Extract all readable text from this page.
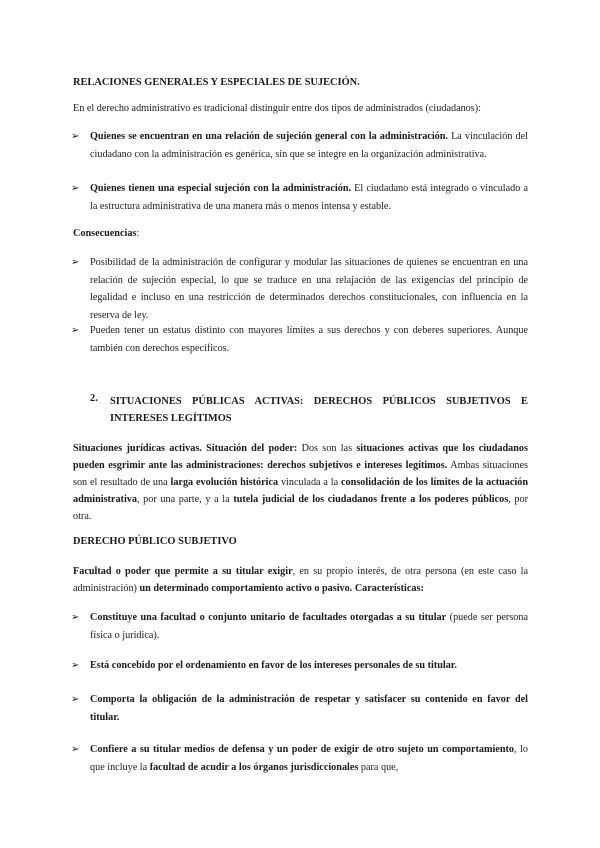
RELACIONES GENERALES Y ESPECIALES DE SUJECIÓN.
En el derecho administrativo es tradicional distinguir entre dos tipos de administrados (ciudadanos):
➢ Quienes se encuentran en una relación de sujeción general con la administración. La vinculación del ciudadano con la administración es genérica, sin que se integre en la organización administrativa.
➢ Quienes tienen una especial sujeción con la administración. El ciudadano está integrado o vinculado a la estructura administrativa de una manera más o menos intensa y estable.
Consecuencias:
➢ Posibilidad de la administración de configurar y modular las situaciones de quienes se encuentran en una relación de sujeción especial, lo que se traduce en una relajación de las exigencias del principio de legalidad e incluso en una restricción de determinados derechos constitucionales, con influencia en la reserva de ley.
➢ Pueden tener un estatus distinto con mayores límites a sus derechos y con deberes superiores. Aunque también con derechos específicos.
2. SITUACIONES PÚBLICAS ACTIVAS: DERECHOS PÚBLICOS SUBJETIVOS E INTERESES LEGÍTIMOS
Situaciones jurídicas activas. Situación del poder: Dos son las situaciones activas que los ciudadanos pueden esgrimir ante las administraciones: derechos subjetivos e intereses legítimos. Ambas situaciones son el resultado de una larga evolución histórica vinculada a la consolidación de los límites de la actuación administrativa, por una parte, y a la tutela judicial de los ciudadanos frente a los poderes públicos, por otra.
DERECHO PÚBLICO SUBJETIVO
Facultad o poder que permite a su titular exigir, en su propio interés, de otra persona (en este caso la administración) un determinado comportamiento activo o pasivo. Características:
➢ Constituye una facultad o conjunto unitario de facultades otorgadas a su titular (puede ser persona física o jurídica).
➢ Está concebido por el ordenamiento en favor de los intereses personales de su titular.
➢ Comporta la obligación de la administración de respetar y satisfacer su contenido en favor del titular.
➢ Confiere a su titular medios de defensa y un poder de exigir de otro sujeto un comportamiento, lo que incluye la facultad de acudir a los órganos jurisdiccionales para que,
